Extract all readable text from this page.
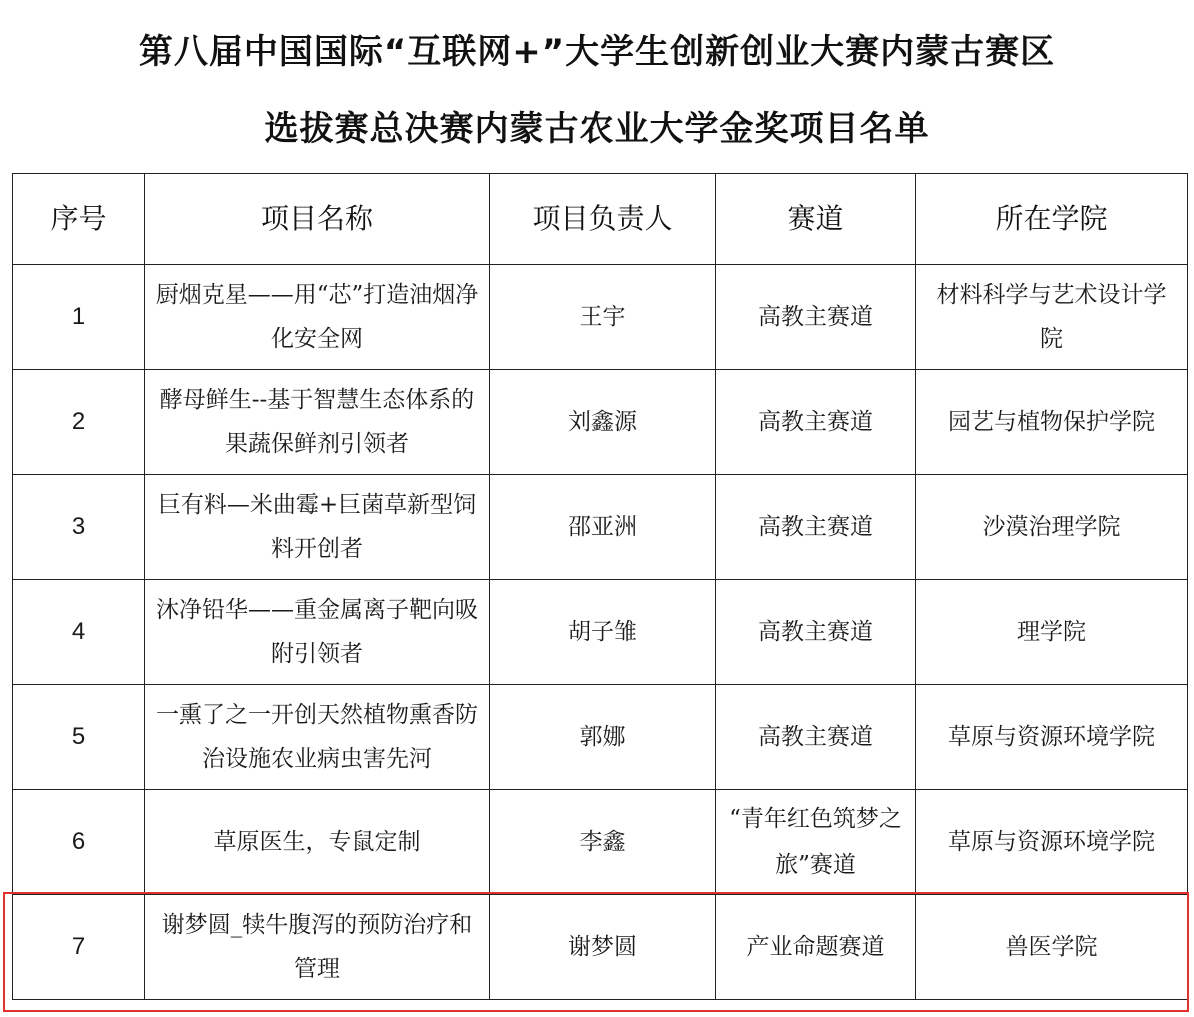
第八届中国国际“互联网+”大学生创新创业大赛内蒙古赛区
选拔赛总决赛内蒙古农业大学金奖项目名单
序号	项目名称	项目负责人	赛道	所在学院
1	厨烟克星——用“芯”打造油烟净化安全网	王宇	高教主赛道	材料科学与艺术设计学院
2	酵母鲜生--基于智慧生态体系的果蔬保鲜剂引领者	刘鑫源	高教主赛道	园艺与植物保护学院
3	巨有料—米曲霉+巨菌草新型饲料开创者	邵亚洲	高教主赛道	沙漠治理学院
4	沐净铅华——重金属离子靶向吸附引领者	胡子雏	高教主赛道	理学院
5	一熏了之一开创天然植物熏香防治设施农业病虫害先河	郭娜	高教主赛道	草原与资源环境学院
6	草原医生，专鼠定制	李鑫	“青年红色筑梦之旅”赛道	草原与资源环境学院
7	谢梦圆_犊牛腹泻的预防治疗和管理	谢梦圆	产业命题赛道	兽医学院
